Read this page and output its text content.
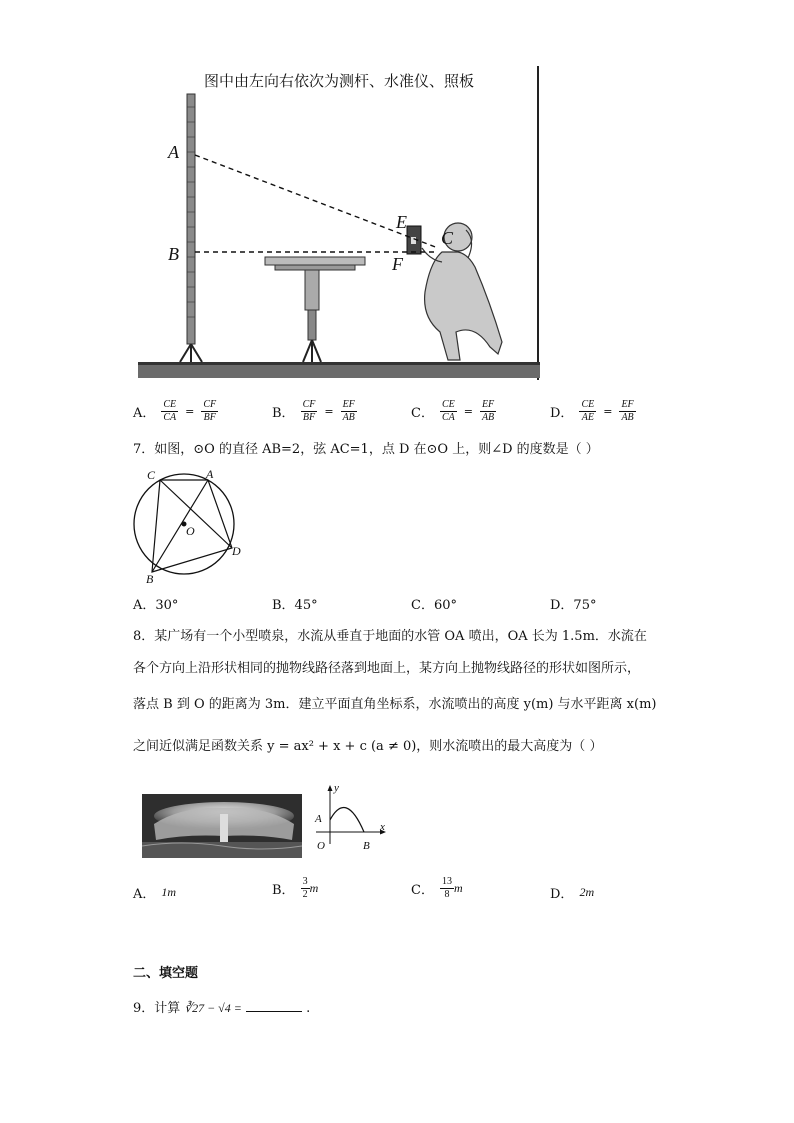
图中由左向右依次为测杆、水准仪、照板
A
B
E
F
C
A． $\frac{CE}{CA} = \frac{CF}{BF}$	B． $\frac{CF}{BF} = \frac{EF}{AB}$	C． $\frac{CE}{CA} = \frac{EF}{AB}$	D． $\frac{CE}{AE} = \frac{EF}{AB}$
7．如图，⊙O 的直径 AB=2，弦 AC=1，点 D 在⊙O 上，则∠D 的度数是（ ）
C	A
O
D
B
A．30°	B．45°	C．60°	D．75°
8．某广场有一个小型喷泉，水流从垂直于地面的水管 OA 喷出，OA 长为 1.5m．水流在
各个方向上沿形状相同的抛物线路径落到地面上，某方向上抛物线路径的形状如图所示，
落点 B 到 O 的距离为 3m．建立平面直角坐标系，水流喷出的高度 y(m) 与水平距离 x(m)
之间近似满足函数关系 y = ax² + x + c (a ≠ 0)，则水流喷出的最大高度为（ ）
y
x
A
O	B
A． 1m	B． $\frac{3}{2}$ m	C． $\frac{13}{8}$ m	D． 2m
二、填空题
9．计算 ∛27 − √4 =	.
